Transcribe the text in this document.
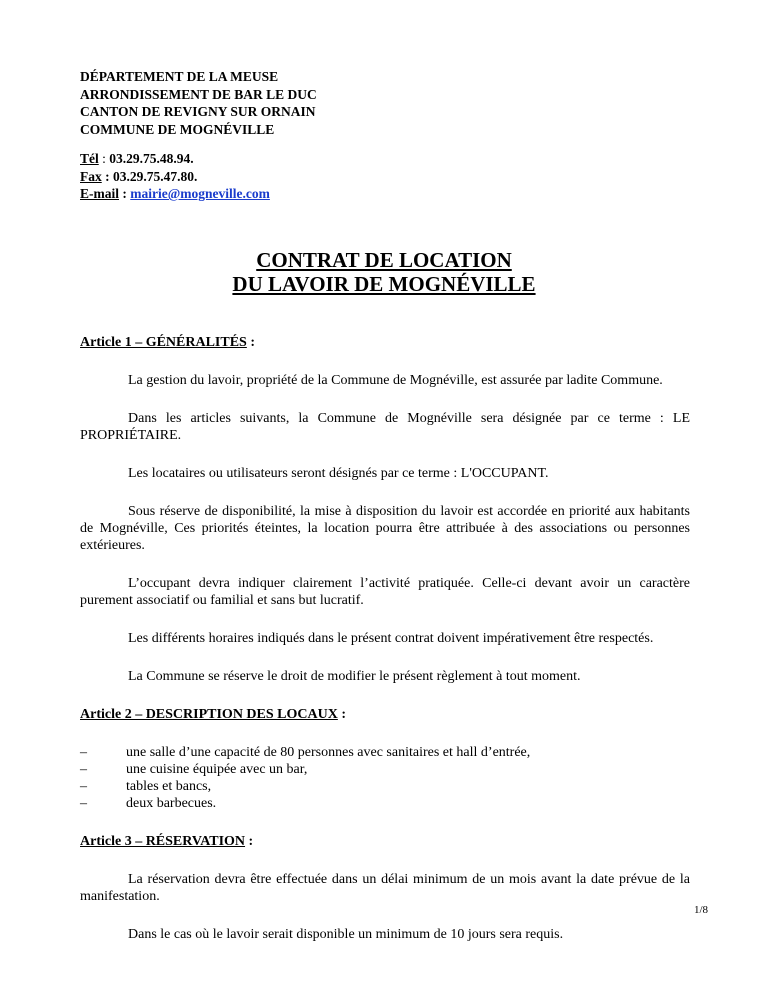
DÉPARTEMENT DE LA MEUSE
ARRONDISSEMENT DE BAR LE DUC
CANTON DE REVIGNY SUR ORNAIN
COMMUNE DE MOGNÉVILLE
Tél : 03.29.75.48.94.
Fax : 03.29.75.47.80.
E-mail : mairie@mogneville.com
CONTRAT DE LOCATION
DU LAVOIR DE MOGNÉVILLE
Article 1 – GÉNÉRALITÉS :

La gestion du lavoir, propriété de la Commune de Mognéville, est assurée par ladite Commune.

Dans les articles suivants, la Commune de Mognéville sera désignée par ce terme : LE PROPRIÉTAIRE.

Les locataires ou utilisateurs seront désignés par ce terme : L'OCCUPANT.

Sous réserve de disponibilité, la mise à disposition du lavoir est accordée en priorité aux habitants de Mognéville, Ces priorités éteintes, la location pourra être attribuée à des associations ou personnes extérieures.

L’occupant devra indiquer clairement l’activité pratiquée. Celle-ci devant avoir un caractère purement associatif ou familial et sans but lucratif.

Les différents horaires indiqués dans le présent contrat doivent impérativement être respectés.

La Commune se réserve le droit de modifier le présent règlement à tout moment.

Article 2 – DESCRIPTION DES LOCAUX :
–	une salle d’une capacité de 80 personnes avec sanitaires et hall d’entrée,
–	une cuisine équipée avec un bar,
–	tables et bancs,
–	deux barbecues.
Article 3 – RÉSERVATION :

La réservation devra être effectuée dans un délai minimum de un mois avant la date prévue de la manifestation.

Dans le cas où le lavoir serait disponible un minimum de 10 jours sera requis.

1/8
